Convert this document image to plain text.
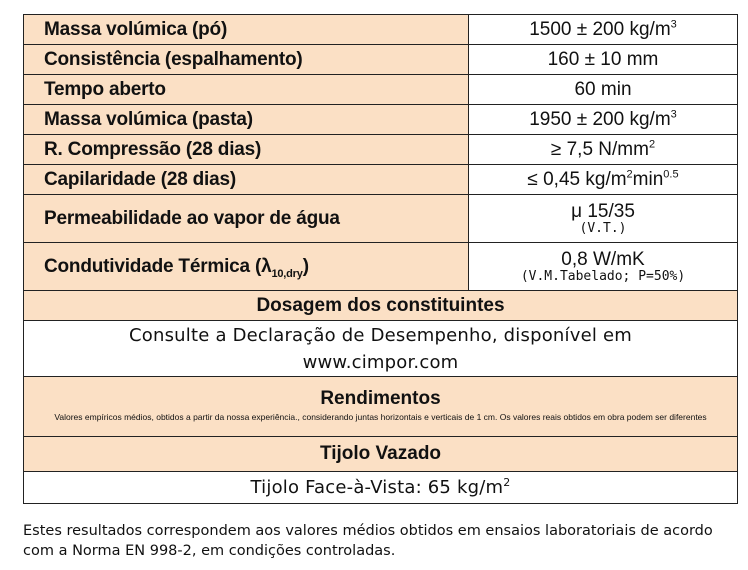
Massa volúmica (pó)	1500 ± 200 $kg/m^3$
Consistência (espalhamento)	160 ± 10 mm
Tempo aberto	60 min
Massa volúmica (pasta)	1950 ± 200 $kg/m^3$
R. Compressão (28 dias)	≥ 7,5 $N/mm^2$
Capilaridade (28 dias)	≤ 0,45 $kg/m^2\min^{0.5}$
Permeabilidade ao vapor de água	μ 15/35
(V.T.)

Condutividade Térmica $(\lambda_{10,dry})$	0,8 W/mK
(V.M.Tabelado; P=50%)

Dosagem dos constituintes	
Consulte a Declaração de Desempenho, disponível em
www.cimpor.com	

Rendimentos
Valores empíricos médios, obtidos a partir da nossa experiência., considerando juntas horizontais e verticais de 1 cm. Os valores reais obtidos em obra podem ser diferentes	

Tijolo Vazado	
Tijolo Face-à-Vista: 65 $kg/m^2$
Estes resultados correspondem aos valores médios obtidos em ensaios laboratoriais de acordo
com a Norma EN 998-2, em condições controladas.
